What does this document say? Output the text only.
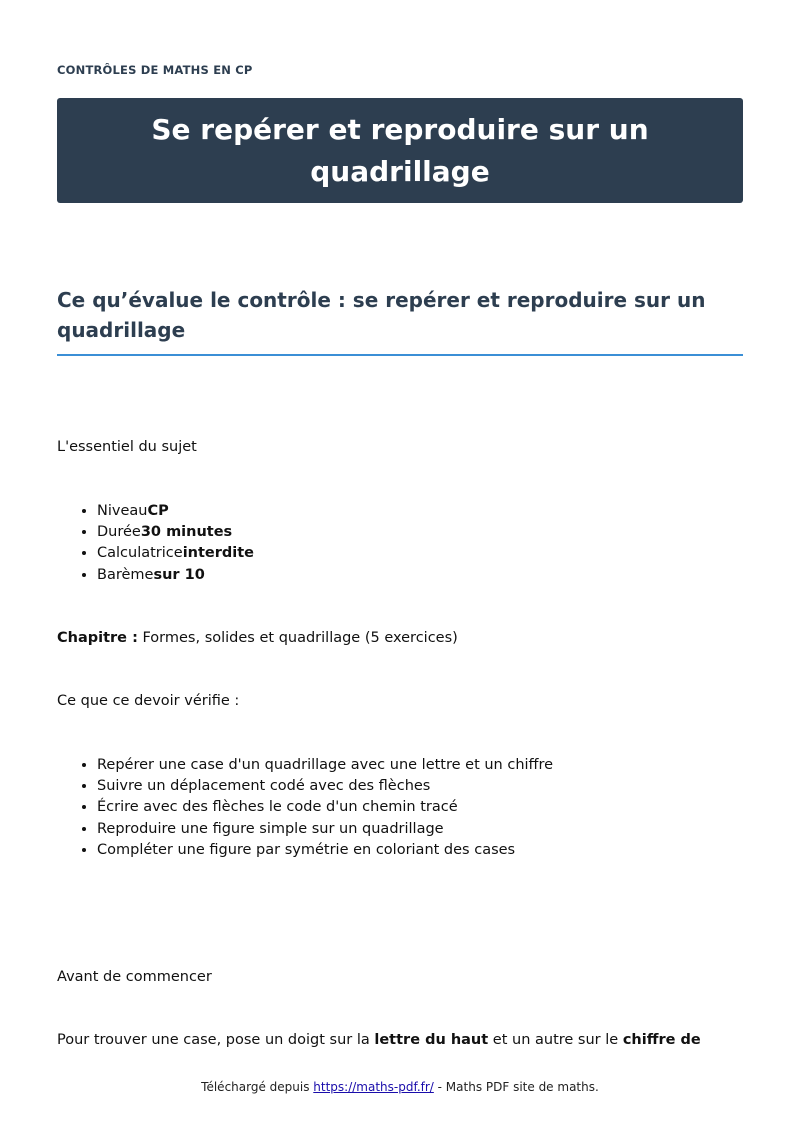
CONTRÔLES DE MATHS EN CP
Se repérer et reproduire sur un quadrillage
Ce qu’évalue le contrôle : se repérer et reproduire sur un quadrillage

L'essentiel du sujet

• NiveauCP
• Durée30 minutes
• Calculatriceinterdite
• Barèmesur 10

Chapitre : Formes, solides et quadrillage (5 exercices)

Ce que ce devoir vérifie :

• Repérer une case d'un quadrillage avec une lettre et un chiffre
• Suivre un déplacement codé avec des flèches
• Écrire avec des flèches le code d'un chemin tracé
• Reproduire une figure simple sur un quadrillage
• Compléter une figure par symétrie en coloriant des cases

Avant de commencer

Pour trouver une case, pose un doigt sur la lettre du haut et un autre sur le chiffre de

Téléchargé depuis https://maths-pdf.fr/ - Maths PDF site de maths.
